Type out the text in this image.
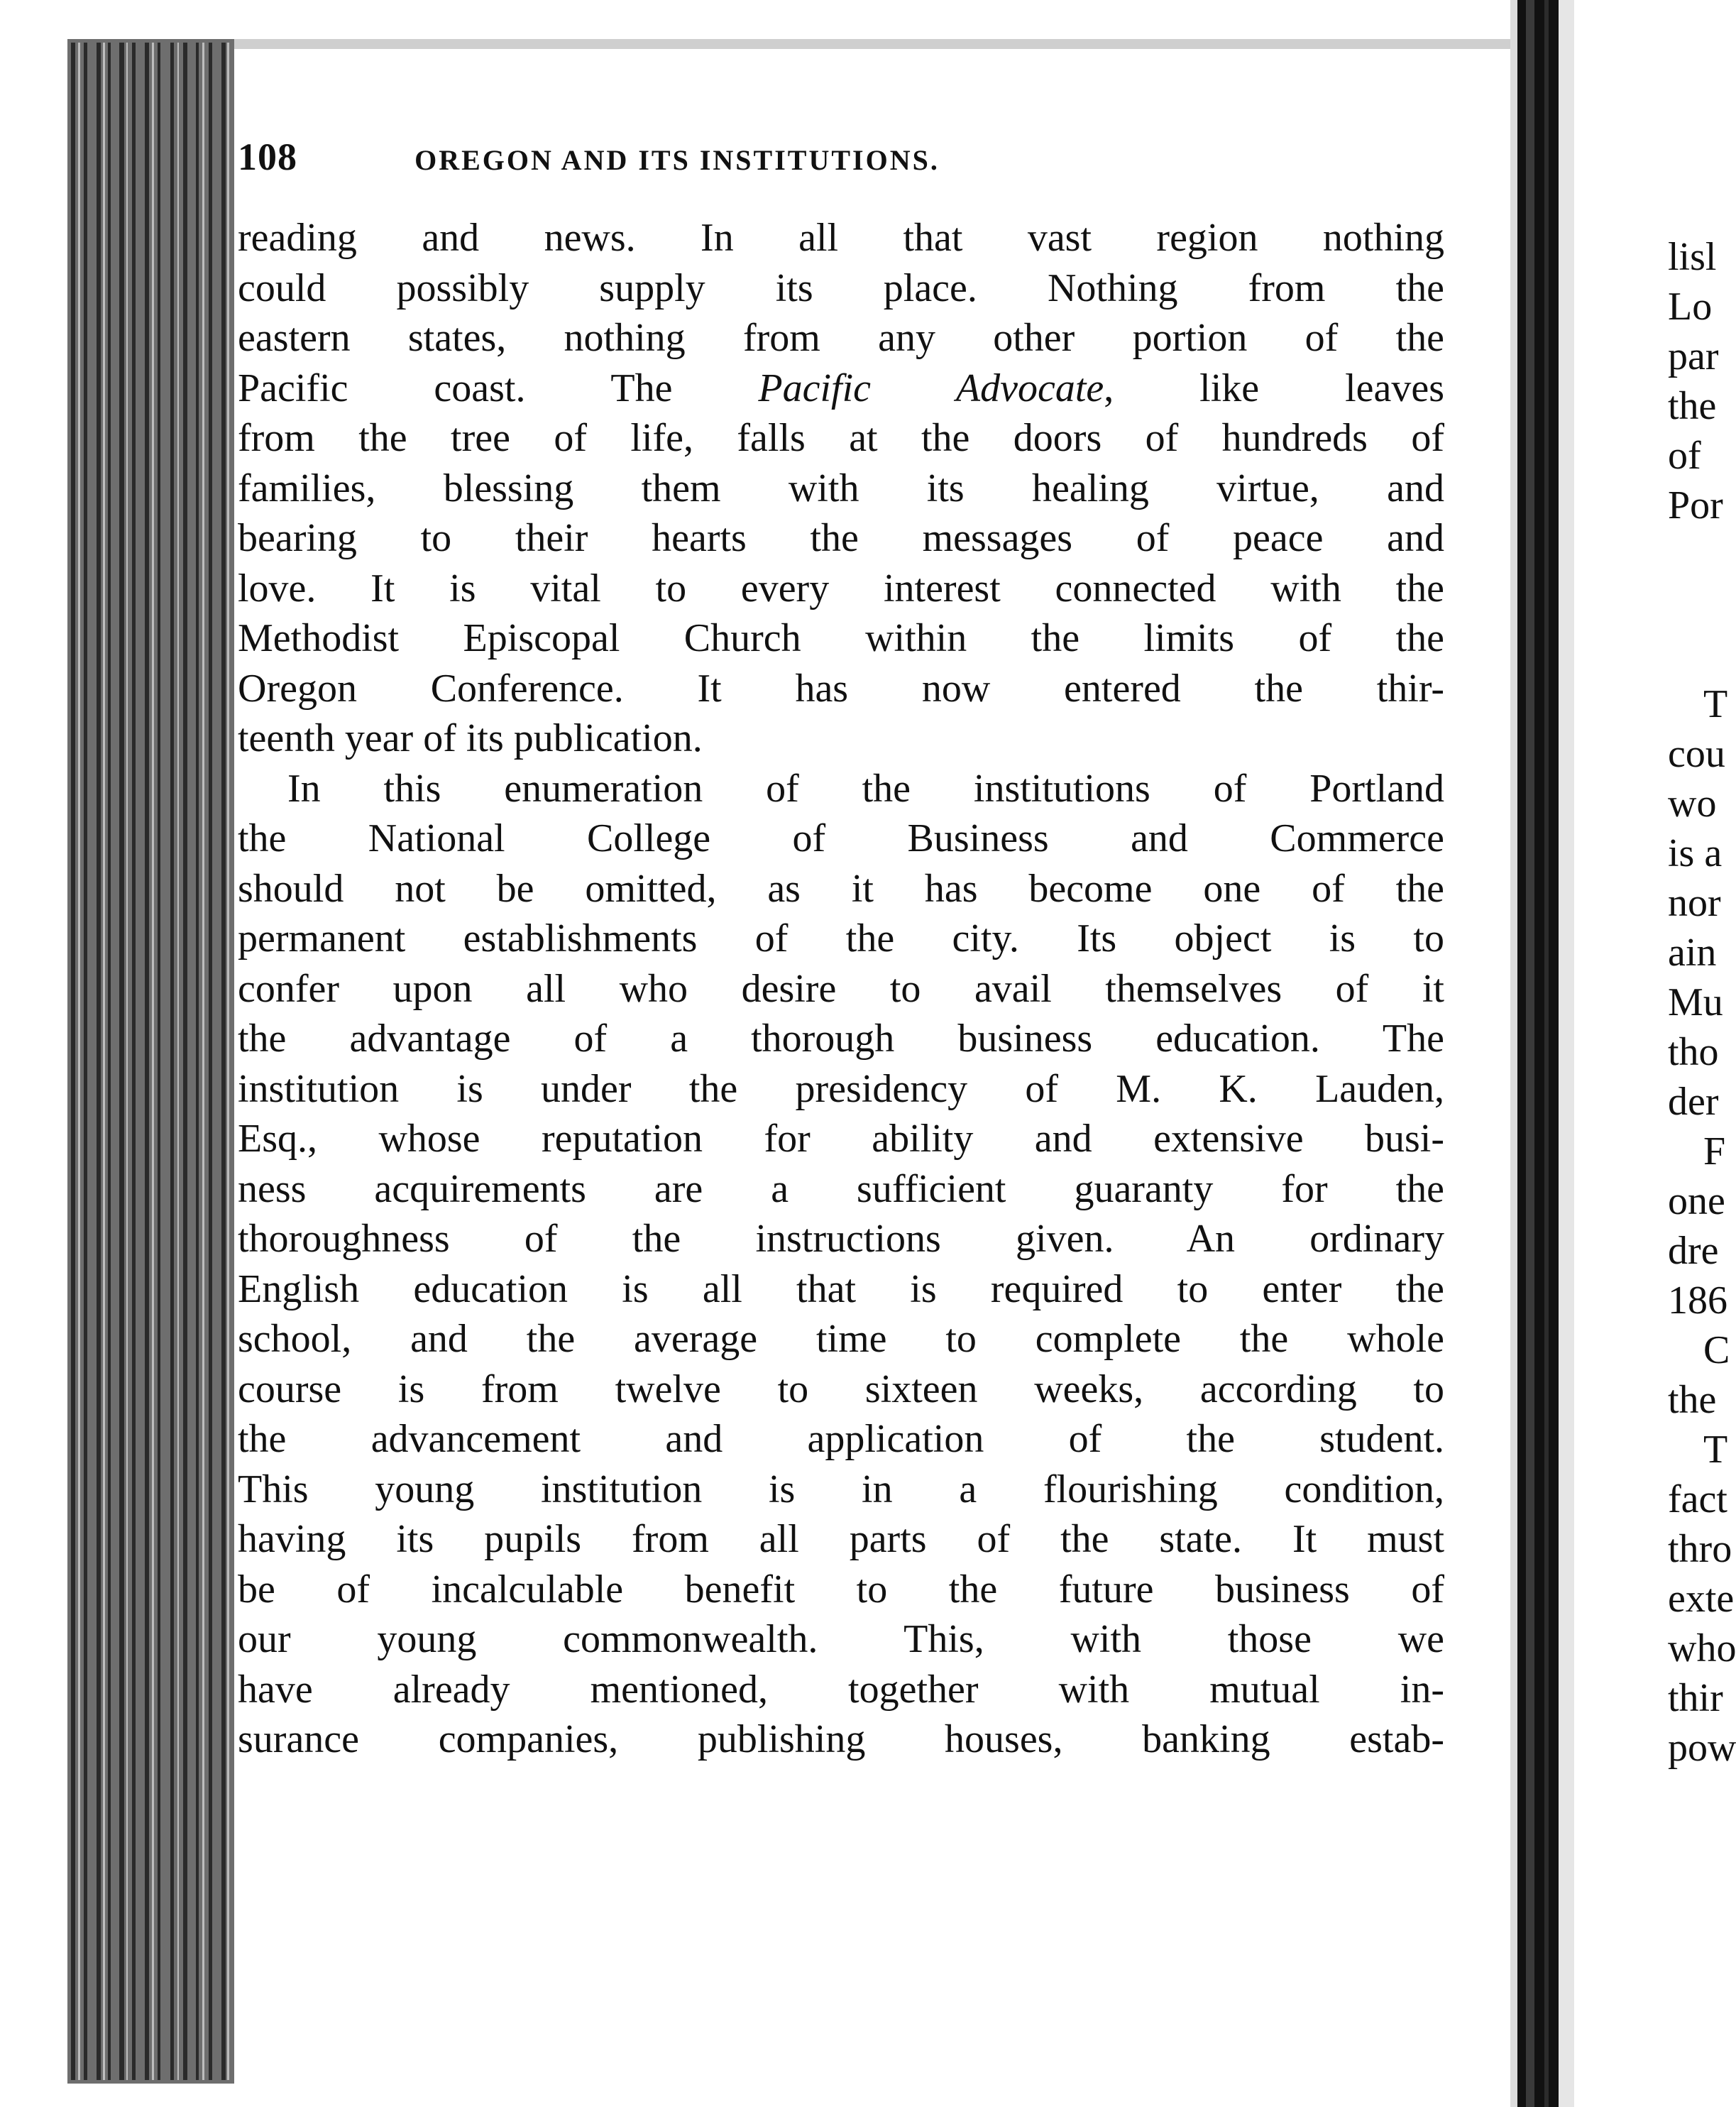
108	OREGON AND ITS INSTITUTIONS.
reading and news. In all that vast region nothing
could possibly supply its place. Nothing from the
eastern states, nothing from any other portion of the
Pacific coast. The Pacific Advocate, like leaves
from the tree of life, falls at the doors of hundreds of
families, blessing them with its healing virtue, and
bearing to their hearts the messages of peace and
love. It is vital to every interest connected with the
Methodist Episcopal Church within the limits of the
Oregon Conference. It has now entered the thir-
teenth year of its publication.
In this enumeration of the institutions of Portland
the National College of Business and Commerce
should not be omitted, as it has become one of the
permanent establishments of the city. Its object is to
confer upon all who desire to avail themselves of it
the advantage of a thorough business education. The
institution is under the presidency of M. K. Lauden,
Esq., whose reputation for ability and extensive busi-
ness acquirements are a sufficient guaranty for the
thoroughness of the instructions given. An ordinary
English education is all that is required to enter the
school, and the average time to complete the whole
course is from twelve to sixteen weeks, according to
the advancement and application of the student.
This young institution is in a flourishing condition,
having its pupils from all parts of the state. It must
be of incalculable benefit to the future business of
our young commonwealth. This, with those we
have already mentioned, together with mutual in-
surance companies, publishing houses, banking estab-
lisl
Lo
par
the
of
Por
T
cou
wo
is a
nor
ain
Mu
tho
der
F
one
dre
186
C
the
T
fact
thro
exte
who
thir
pow
